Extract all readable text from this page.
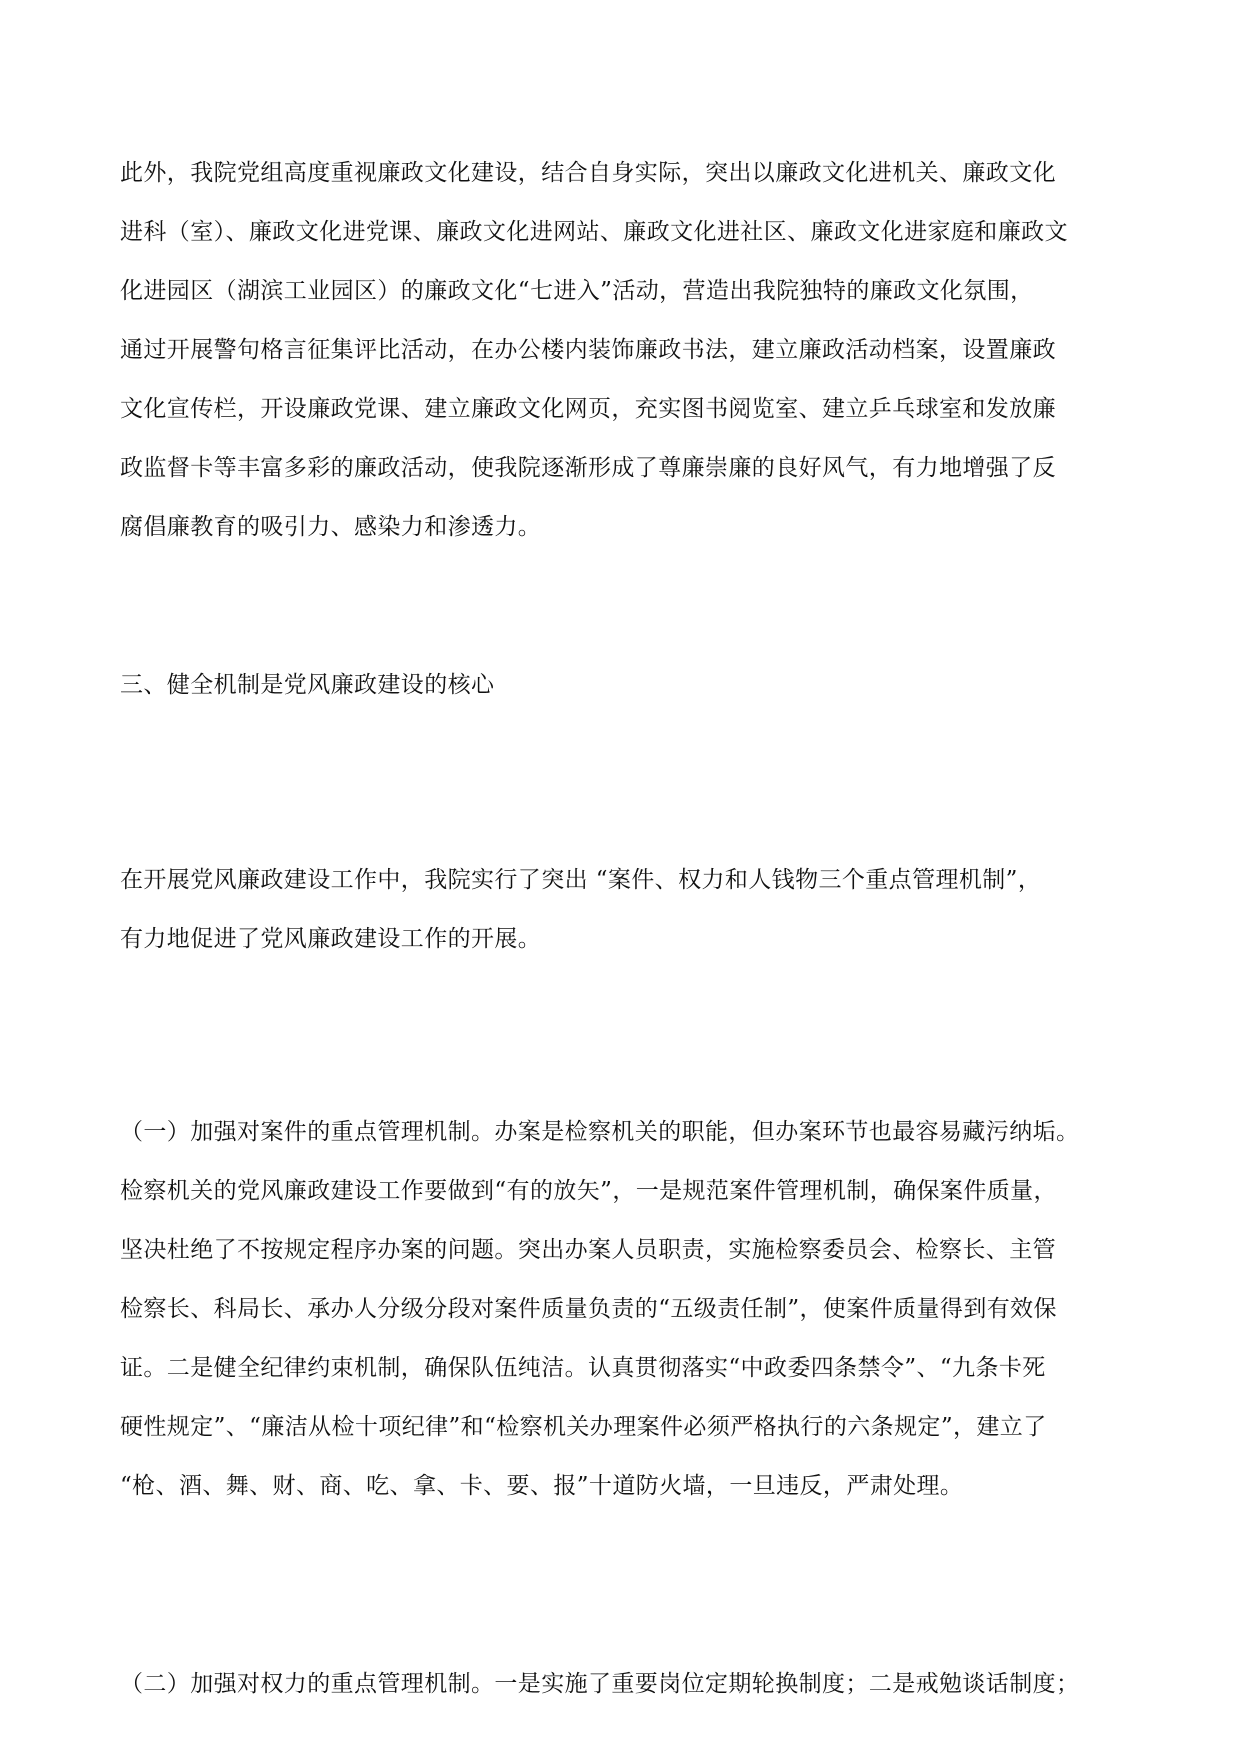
此外，我院党组高度重视廉政文化建设，结合自身实际，突出以廉政文化进机关、廉政文化
进科（室）、廉政文化进党课、廉政文化进网站、廉政文化进社区、廉政文化进家庭和廉政文
化进园区（湖滨工业园区）的廉政文化“七进入”活动，营造出我院独特的廉政文化氛围，
通过开展警句格言征集评比活动，在办公楼内装饰廉政书法，建立廉政活动档案，设置廉政
文化宣传栏，开设廉政党课、建立廉政文化网页，充实图书阅览室、建立乒乓球室和发放廉
政监督卡等丰富多彩的廉政活动，使我院逐渐形成了尊廉崇廉的良好风气，有力地增强了反
腐倡廉教育的吸引力、感染力和渗透力。
三、健全机制是党风廉政建设的核心
在开展党风廉政建设工作中，我院实行了突出 “案件、权力和人钱物三个重点管理机制”，
有力地促进了党风廉政建设工作的开展。
（一）加强对案件的重点管理机制。办案是检察机关的职能，但办案环节也最容易藏污纳垢。
检察机关的党风廉政建设工作要做到“有的放矢”，一是规范案件管理机制，确保案件质量，
坚决杜绝了不按规定程序办案的问题。突出办案人员职责，实施检察委员会、检察长、主管
检察长、科局长、承办人分级分段对案件质量负责的“五级责任制”，使案件质量得到有效保
证。二是健全纪律约束机制，确保队伍纯洁。认真贯彻落实“中政委四条禁令”、“九条卡死
硬性规定”、“廉洁从检十项纪律”和“检察机关办理案件必须严格执行的六条规定”，建立了
“枪、酒、舞、财、商、吃、拿、卡、要、报”十道防火墙，一旦违反，严肃处理。
（二）加强对权力的重点管理机制。一是实施了重要岗位定期轮换制度；二是戒勉谈话制度；
